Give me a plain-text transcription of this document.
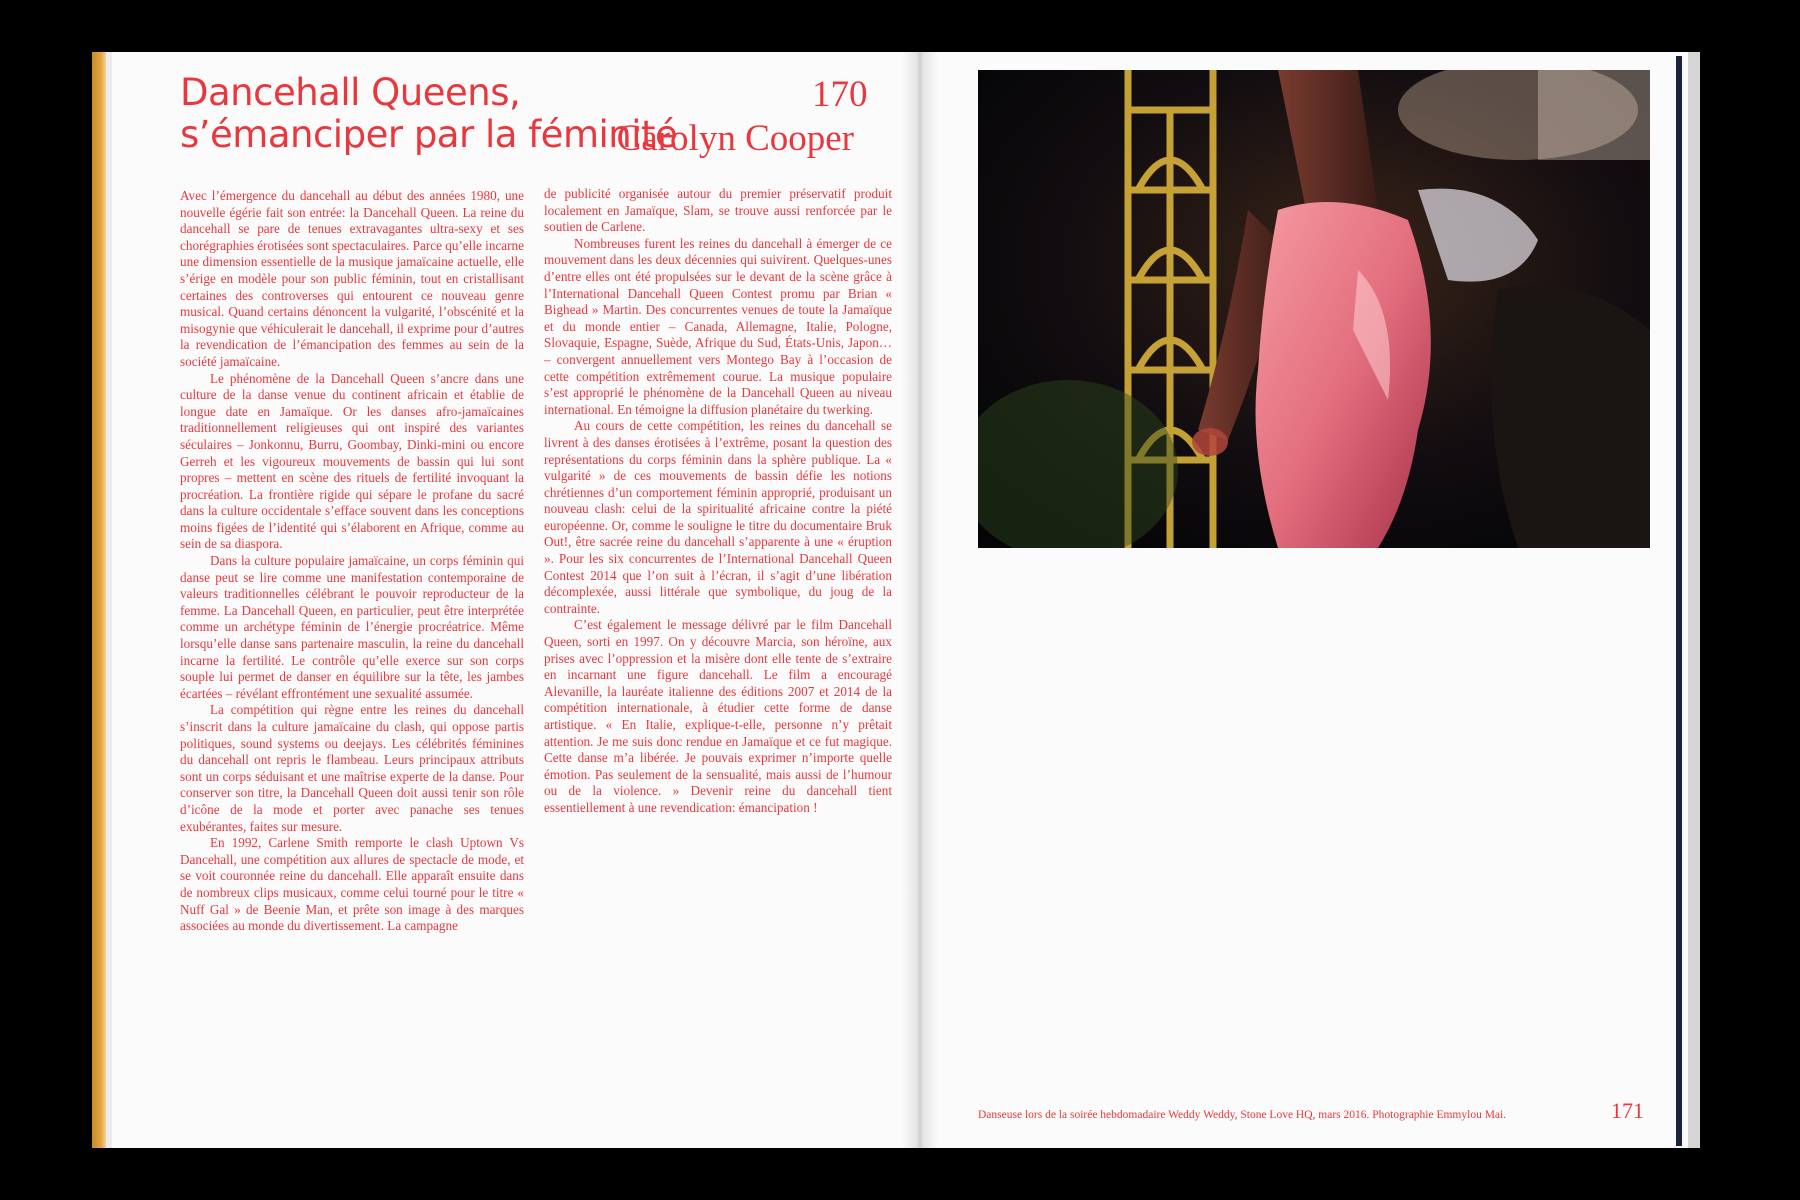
Dancehall Queens, s’émanciper par la féminité
170
Carolyn Cooper

Avec l’émergence du dancehall au début des années 1980, une nouvelle égérie fait son entrée: la Dancehall Queen. La reine du dancehall se pare de tenues extravagantes ultra-sexy et ses chorégraphies érotisées sont spectaculaires. Parce qu’elle incarne une dimension essentielle de la musique jamaïcaine actuelle, elle s’érige en modèle pour son public féminin, tout en cristallisant certaines des controverses qui entourent ce nouveau genre musical. Quand certains dénoncent la vulgarité, l’obscénité et la misogynie que véhiculerait le dancehall, il exprime pour d’autres la revendication de l’émancipation des femmes au sein de la société jamaïcaine.

Le phénomène de la Dancehall Queen s’ancre dans une culture de la danse venue du continent africain et établie de longue date en Jamaïque. Or les danses afro-jamaïcaines traditionnellement religieuses qui ont inspiré des variantes séculaires – Jonkonnu, Burru, Goombay, Dinki-mini ou encore Gerreh et les vigoureux mouvements de bassin qui lui sont propres – mettent en scène des rituels de fertilité invoquant la procréation. La frontière rigide qui sépare le profane du sacré dans la culture occidentale s’efface souvent dans les conceptions moins figées de l’identité qui s’élaborent en Afrique, comme au sein de sa diaspora.

Dans la culture populaire jamaïcaine, un corps féminin qui danse peut se lire comme une manifestation contemporaine de valeurs traditionnelles célébrant le pouvoir reproducteur de la femme. La Dancehall Queen, en particulier, peut être interprétée comme un archétype féminin de l’énergie procréatrice. Même lorsqu’elle danse sans partenaire masculin, la reine du dancehall incarne la fertilité. Le contrôle qu’elle exerce sur son corps souple lui permet de danser en équilibre sur la tête, les jambes écartées – révélant effrontément une sexualité assumée.

La compétition qui règne entre les reines du dancehall s’inscrit dans la culture jamaïcaine du clash, qui oppose partis politiques, sound systems ou deejays. Les célébrités féminines du dancehall ont repris le flambeau. Leurs principaux attributs sont un corps séduisant et une maîtrise experte de la danse. Pour conserver son titre, la Dancehall Queen doit aussi tenir son rôle d’icône de la mode et porter avec panache ses tenues exubérantes, faites sur mesure.

En 1992, Carlene Smith remporte le clash Uptown Vs Dancehall, une compétition aux allures de spectacle de mode, et se voit couronnée reine du dancehall. Elle apparaît ensuite dans de nombreux clips musicaux, comme celui tourné pour le titre « Nuff Gal » de Beenie Man, et prête son image à des marques associées au monde du divertissement. La campagne

de publicité organisée autour du premier préservatif produit localement en Jamaïque, Slam, se trouve aussi renforcée par le soutien de Carlene.

Nombreuses furent les reines du dancehall à émerger de ce mouvement dans les deux décennies qui suivirent. Quelques-unes d’entre elles ont été propulsées sur le devant de la scène grâce à l’International Dancehall Queen Contest promu par Brian « Bighead » Martin. Des concurrentes venues de toute la Jamaïque et du monde entier – Canada, Allemagne, Italie, Pologne, Slovaquie, Espagne, Suède, Afrique du Sud, États-Unis, Japon… – convergent annuellement vers Montego Bay à l’occasion de cette compétition extrêmement courue. La musique populaire s’est approprié le phénomène de la Dancehall Queen au niveau international. En témoigne la diffusion planétaire du twerking.

Au cours de cette compétition, les reines du dancehall se livrent à des danses érotisées à l’extrême, posant la question des représentations du corps féminin dans la sphère publique. La « vulgarité » de ces mouvements de bassin défie les notions chrétiennes d’un comportement féminin approprié, produisant un nouveau clash: celui de la spiritualité africaine contre la piété européenne. Or, comme le souligne le titre du documentaire Bruk Out!, être sacrée reine du dancehall s’apparente à une « éruption ». Pour les six concurrentes de l’International Dancehall Queen Contest 2014 que l’on suit à l’écran, il s’agit d’une libération décomplexée, aussi littérale que symbolique, du joug de la contrainte.

C’est également le message délivré par le film Dancehall Queen, sorti en 1997. On y découvre Marcia, son héroïne, aux prises avec l’oppression et la misère dont elle tente de s’extraire en incarnant une figure dancehall. Le film a encouragé Alevanille, la lauréate italienne des éditions 2007 et 2014 de la compétition internationale, à étudier cette forme de danse artistique. « En Italie, explique-t-elle, personne n’y prêtait attention. Je me suis donc rendue en Jamaïque et ce fut magique. Cette danse m’a libérée. Je pouvais exprimer n’importe quelle émotion. Pas seulement de la sensualité, mais aussi de l’humour ou de la violence. » Devenir reine du dancehall tient essentiellement à une revendication: émancipation !

Danseuse lors de la soirée hebdomadaire Weddy Weddy, Stone Love HQ, mars 2016. Photographie Emmylou Mai.	171
